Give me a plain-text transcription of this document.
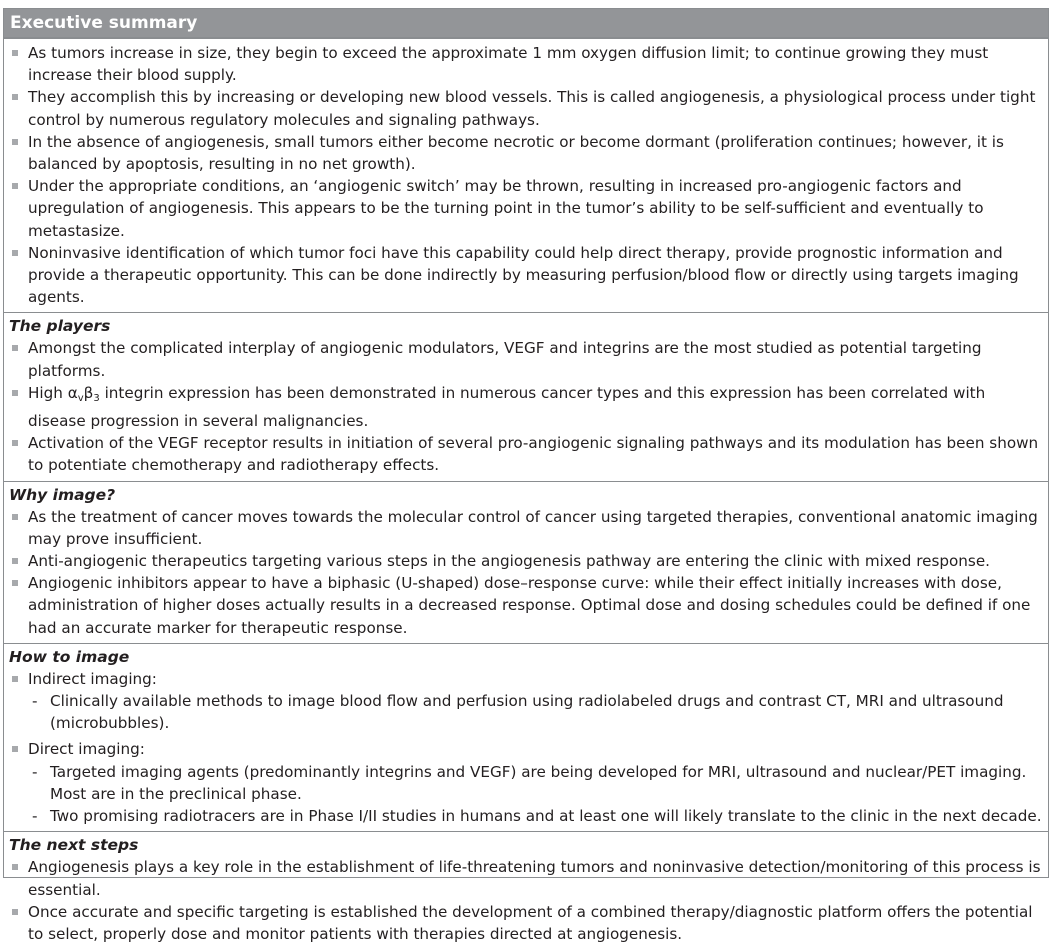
Executive summary
As tumors increase in size, they begin to exceed the approximate 1 mm oxygen diffusion limit; to continue growing they must increase their blood supply.
They accomplish this by increasing or developing new blood vessels. This is called angiogenesis, a physiological process under tight control by numerous regulatory molecules and signaling pathways.
In the absence of angiogenesis, small tumors either become necrotic or become dormant (proliferation continues; however, it is balanced by apoptosis, resulting in no net growth).
Under the appropriate conditions, an ‘angiogenic switch’ may be thrown, resulting in increased pro-angiogenic factors and upregulation of angiogenesis. This appears to be the turning point in the tumor’s ability to be self-sufficient and eventually to metastasize.
Noninvasive identification of which tumor foci have this capability could help direct therapy, provide prognostic information and provide a therapeutic opportunity. This can be done indirectly by measuring perfusion/blood flow or directly using targets imaging agents.
The players
Amongst the complicated interplay of angiogenic modulators, VEGF and integrins are the most studied as potential targeting platforms.
High $\alpha_v\beta_3$ integrin expression has been demonstrated in numerous cancer types and this expression has been correlated with disease progression in several malignancies.
Activation of the VEGF receptor results in initiation of several pro-angiogenic signaling pathways and its modulation has been shown to potentiate chemotherapy and radiotherapy effects.
Why image?
As the treatment of cancer moves towards the molecular control of cancer using targeted therapies, conventional anatomic imaging may prove insufficient.
Anti-angiogenic therapeutics targeting various steps in the angiogenesis pathway are entering the clinic with mixed response.
Angiogenic inhibitors appear to have a biphasic (U-shaped) dose–response curve: while their effect initially increases with dose, administration of higher doses actually results in a decreased response. Optimal dose and dosing schedules could be defined if one had an accurate marker for therapeutic response.
How to image
Indirect imaging:
- Clinically available methods to image blood flow and perfusion using radiolabeled drugs and contrast CT, MRI and ultrasound (microbubbles).
Direct imaging:
- Targeted imaging agents (predominantly integrins and VEGF) are being developed for MRI, ultrasound and nuclear/PET imaging. Most are in the preclinical phase.
- Two promising radiotracers are in Phase I/II studies in humans and at least one will likely translate to the clinic in the next decade.
The next steps
Angiogenesis plays a key role in the establishment of life-threatening tumors and noninvasive detection/monitoring of this process is essential.
Once accurate and specific targeting is established the development of a combined therapy/diagnostic platform offers the potential to select, properly dose and monitor patients with therapies directed at angiogenesis.
